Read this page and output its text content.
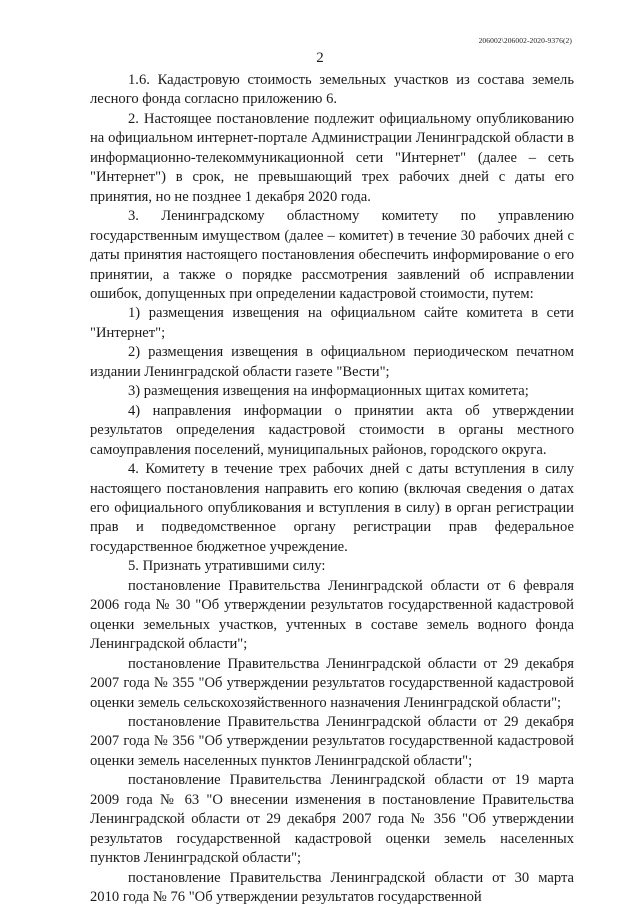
206002\206002-2020-9376(2)
2

1.6. Кадастровую стоимость земельных участков из состава земель лесного фонда согласно приложению 6.

2. Настоящее постановление подлежит официальному опубликованию на официальном интернет-портале Администрации Ленинградской области в информационно-телекоммуникационной сети "Интернет" (далее – сеть "Интернет") в срок, не превышающий трех рабочих дней с даты его принятия, но не позднее 1 декабря 2020 года.

3. Ленинградскому областному комитету по управлению государственным имуществом (далее – комитет) в течение 30 рабочих дней с даты принятия настоящего постановления обеспечить информирование о его принятии, а также о порядке рассмотрения заявлений об исправлении ошибок, допущенных при определении кадастровой стоимости, путем:

1) размещения извещения на официальном сайте комитета в сети "Интернет";

2) размещения извещения в официальном периодическом печатном издании Ленинградской области газете "Вести";

3) размещения извещения на информационных щитах комитета;

4) направления информации о принятии акта об утверждении результатов определения кадастровой стоимости в органы местного самоуправления поселений, муниципальных районов, городского округа.

4. Комитету в течение трех рабочих дней с даты вступления в силу настоящего постановления направить его копию (включая сведения о датах его официального опубликования и вступления в силу) в орган регистрации прав и подведомственное органу регистрации прав федеральное государственное бюджетное учреждение.

5. Признать утратившими силу:

постановление Правительства Ленинградской области от 6 февраля 2006 года № 30 "Об утверждении результатов государственной кадастровой оценки земельных участков, учтенных в составе земель водного фонда Ленинградской области";

постановление Правительства Ленинградской области от 29 декабря 2007 года № 355 "Об утверждении результатов государственной кадастровой оценки земель сельскохозяйственного назначения Ленинградской области";

постановление Правительства Ленинградской области от 29 декабря 2007 года № 356 "Об утверждении результатов государственной кадастровой оценки земель населенных пунктов Ленинградской области";

постановление Правительства Ленинградской области от 19 марта 2009 года № 63 "О внесении изменения в постановление Правительства Ленинградской области от 29 декабря 2007 года № 356 "Об утверждении результатов государственной кадастровой оценки земель населенных пунктов Ленинградской области";

постановление Правительства Ленинградской области от 30 марта 2010 года № 76 "Об утверждении результатов государственной
